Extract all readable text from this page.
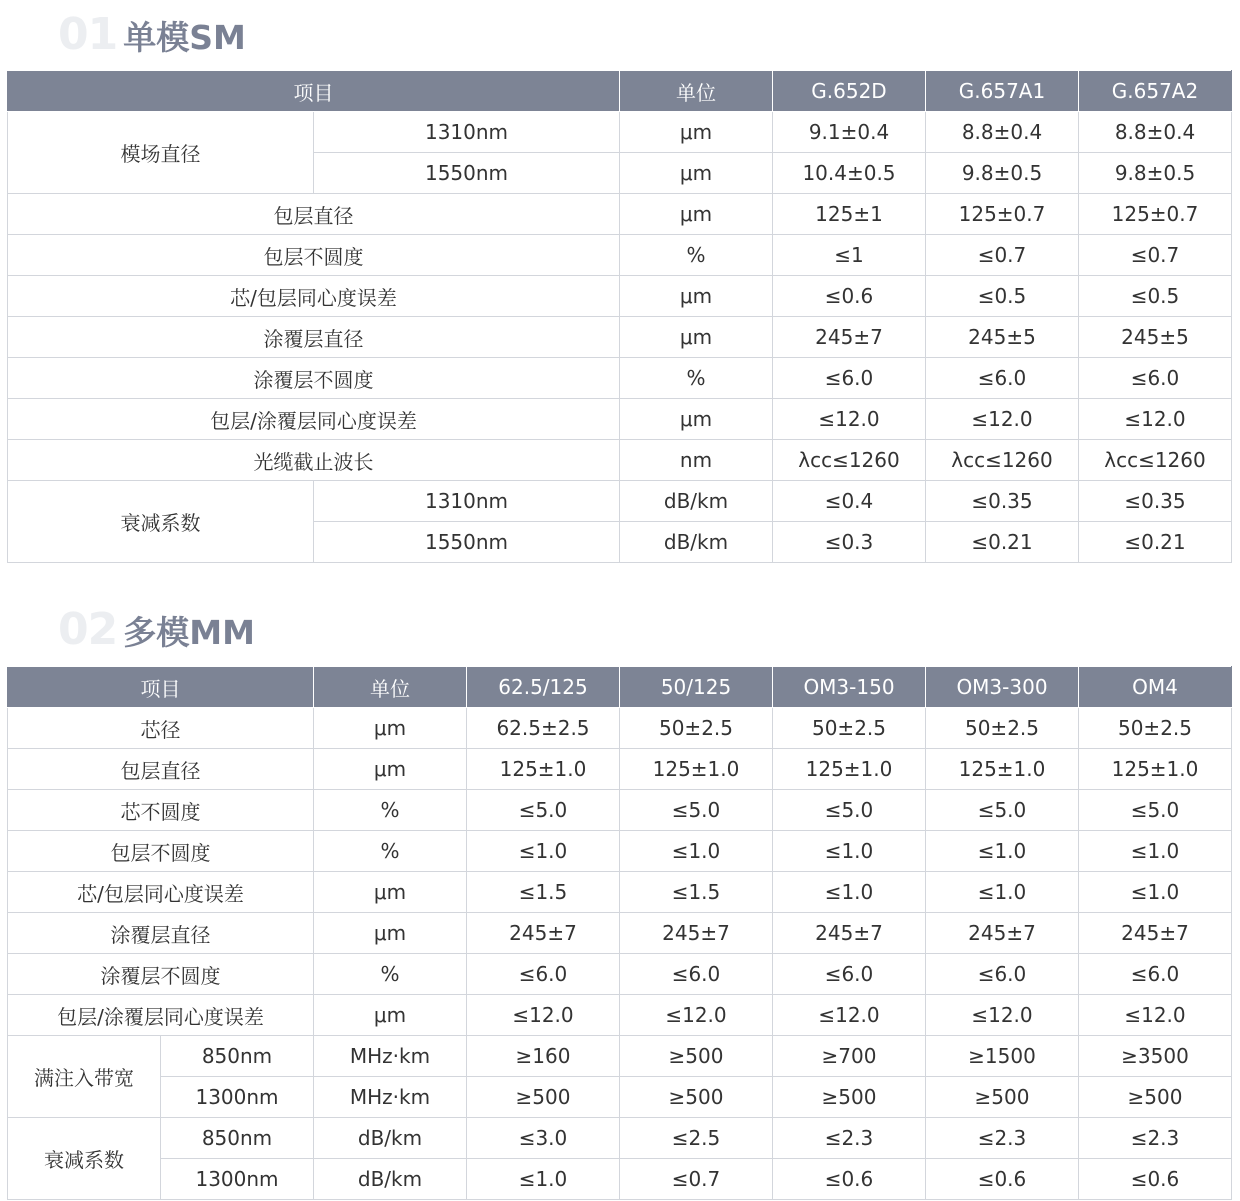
01 单模SM
项目		单位	G.652D	G.657A1	G.657A2
模场直径	1310nm	μm	9.1±0.4	8.8±0.4	8.8±0.4
	1550nm	μm	10.4±0.5	9.8±0.5	9.8±0.5
包层直径		μm	125±1	125±0.7	125±0.7
包层不圆度		%	≤1	≤0.7	≤0.7
芯/包层同心度误差		μm	≤0.6	≤0.5	≤0.5
涂覆层直径		μm	245±7	245±5	245±5
涂覆层不圆度		%	≤6.0	≤6.0	≤6.0
包层/涂覆层同心度误差		μm	≤12.0	≤12.0	≤12.0
光缆截止波长		nm	λcc≤1260	λcc≤1260	λcc≤1260
衰减系数	1310nm	dB/km	≤0.4	≤0.35	≤0.35
	1550nm	dB/km	≤0.3	≤0.21	≤0.21
02 多模MM
项目		单位	62.5/125	50/125	OM3-150	OM3-300	OM4
芯径		μm	62.5±2.5	50±2.5	50±2.5	50±2.5	50±2.5
包层直径		μm	125±1.0	125±1.0	125±1.0	125±1.0	125±1.0
芯不圆度		%	≤5.0	≤5.0	≤5.0	≤5.0	≤5.0
包层不圆度		%	≤1.0	≤1.0	≤1.0	≤1.0	≤1.0
芯/包层同心度误差		μm	≤1.5	≤1.5	≤1.0	≤1.0	≤1.0
涂覆层直径		μm	245±7	245±7	245±7	245±7	245±7
涂覆层不圆度		%	≤6.0	≤6.0	≤6.0	≤6.0	≤6.0
包层/涂覆层同心度误差		μm	≤12.0	≤12.0	≤12.0	≤12.0	≤12.0
满注入带宽	850nm	MHz·km	≥160	≥500	≥700	≥1500	≥3500
	1300nm	MHz·km	≥500	≥500	≥500	≥500	≥500
衰减系数	850nm	dB/km	≤3.0	≤2.5	≤2.3	≤2.3	≤2.3
	1300nm	dB/km	≤1.0	≤0.7	≤0.6	≤0.6	≤0.6
